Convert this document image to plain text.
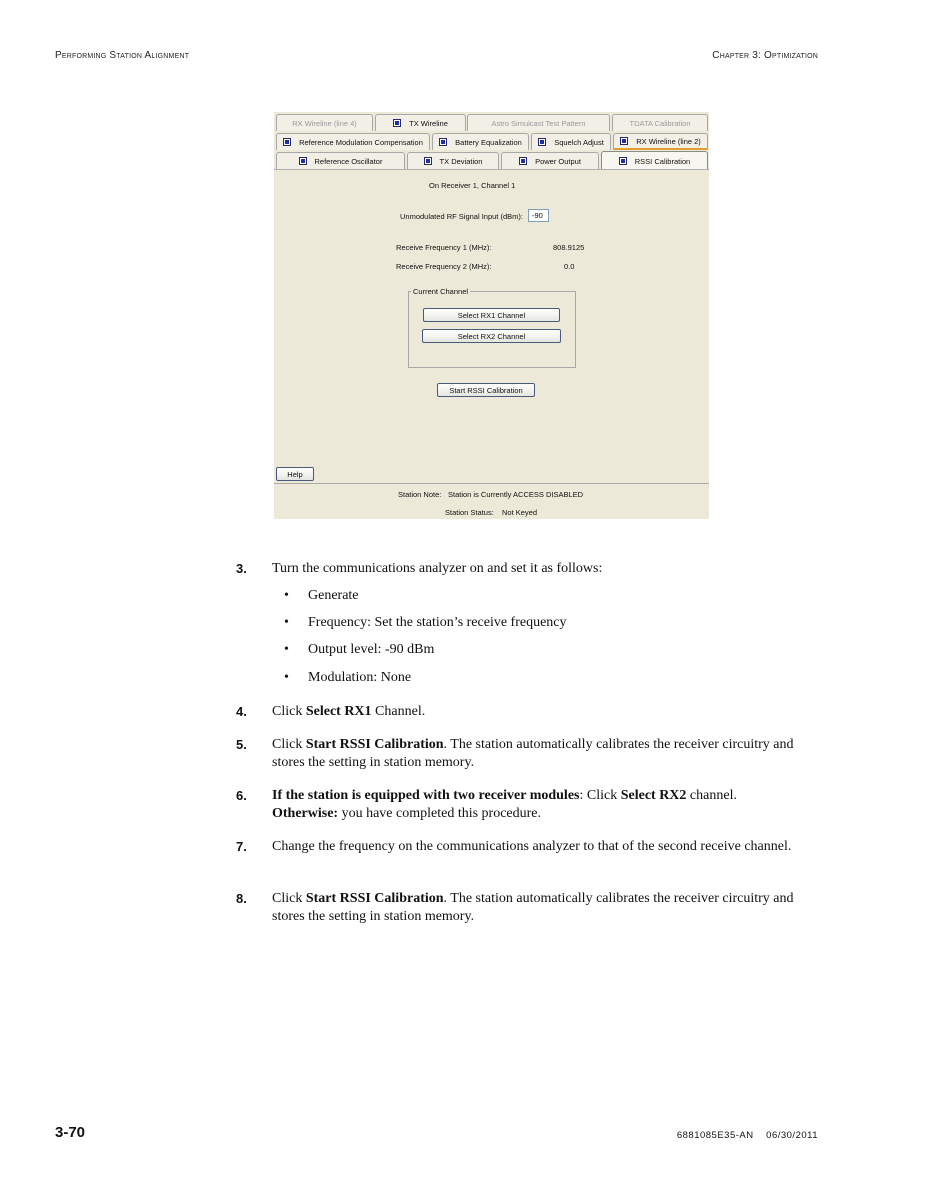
Performing Station Alignment	Chapter 3: Optimization
RX Wireline (line 4)	TX Wireline	Astro Simulcast Test Pattern	TDATA Calibration
Reference Modulation Compensation	Battery Equalization	Squelch Adjust	RX Wireline (line 2)
Reference Oscillator	TX Deviation	Power Output	RSSI Calibration
On Receiver 1, Channel 1
Unmodulated RF Signal Input (dBm):	-90
Receive Frequency 1 (MHz):	808.9125
Receive Frequency 2 (MHz):	0.0
Current Channel
Select RX1 Channel
Select RX2 Channel
Start RSSI Calibration
Help
Station Note: Station is Currently ACCESS DISABLED
Station Status: Not Keyed
3. Turn the communications analyzer on and set it as follows:
• Generate
• Frequency: Set the station’s receive frequency
• Output level: -90 dBm
• Modulation: None
4. Click Select RX1 Channel.
5. Click Start RSSI Calibration. The station automatically calibrates the receiver circuitry and stores the setting in station memory.
6. If the station is equipped with two receiver modules: Click Select RX2 channel.
Otherwise: you have completed this procedure.
7. Change the frequency on the communications analyzer to that of the second receive channel.
8. Click Start RSSI Calibration. The station automatically calibrates the receiver circuitry and stores the setting in station memory.
3-70	6881085E35-AN 06/30/2011
